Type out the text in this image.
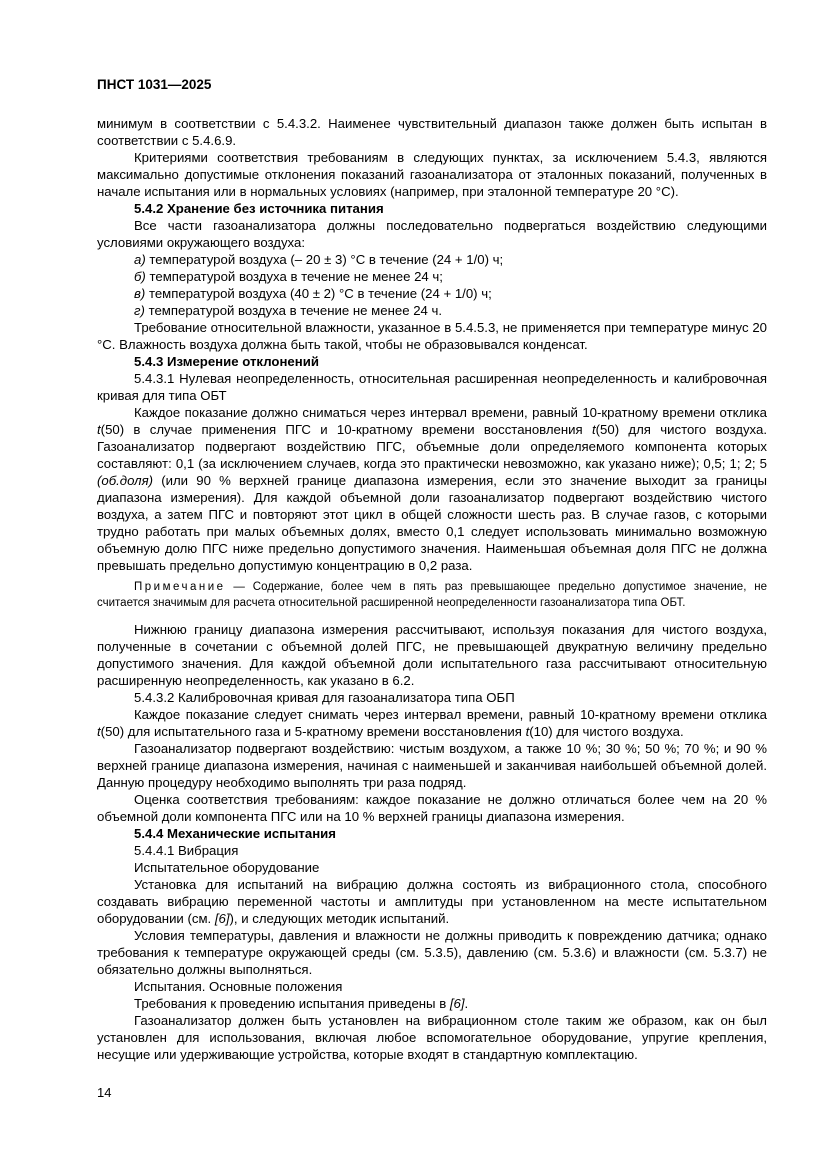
ПНСТ 1031—2025

минимум в соответствии с 5.4.3.2. Наименее чувствительный диапазон также должен быть испытан в соответствии с 5.4.6.9.

Критериями соответствия требованиям в следующих пунктах, за исключением 5.4.3, являются максимально допустимые отклонения показаний газоанализатора от эталонных показаний, полученных в начале испытания или в нормальных условиях (например, при эталонной температуре 20 °С).

5.4.2 Хранение без источника питания

Все части газоанализатора должны последовательно подвергаться воздействию следующими условиями окружающего воздуха:

а) температурой воздуха (– 20 ± 3) °С в течение (24 + 1/0) ч;

б) температурой воздуха в течение не менее 24 ч;

в) температурой воздуха (40 ± 2) °С в течение (24 + 1/0) ч;

г) температурой воздуха в течение не менее 24 ч.

Требование относительной влажности, указанное в 5.4.5.3, не применяется при температуре минус 20 °С. Влажность воздуха должна быть такой, чтобы не образовывался конденсат.

5.4.3 Измерение отклонений

5.4.3.1 Нулевая неопределенность, относительная расширенная неопределенность и калибровочная кривая для типа ОБТ

Каждое показание должно сниматься через интервал времени, равный 10-кратному времени отклика t(50) в случае применения ПГС и 10-кратному времени восстановления t(50) для чистого воздуха. Газоанализатор подвергают воздействию ПГС, объемные доли определяемого компонента которых составляют: 0,1 (за исключением случаев, когда это практически невозможно, как указано ниже); 0,5; 1; 2; 5 (об.доля) (или 90 % верхней границе диапазона измерения, если это значение выходит за границы диапазона измерения). Для каждой объемной доли газоанализатор подвергают воздействию чистого воздуха, а затем ПГС и повторяют этот цикл в общей сложности шесть раз. В случае газов, с которыми трудно работать при малых объемных долях, вместо 0,1 следует использовать минимально возможную объемную долю ПГС ниже предельно допустимого значения. Наименьшая объемная доля ПГС не должна превышать предельно допустимую концентрацию в 0,2 раза.

Примечание — Содержание, более чем в пять раз превышающее предельно допустимое значение, не считается значимым для расчета относительной расширенной неопределенности газоанализатора типа ОБТ.

Нижнюю границу диапазона измерения рассчитывают, используя показания для чистого воздуха, полученные в сочетании с объемной долей ПГС, не превышающей двукратную величину предельно допустимого значения. Для каждой объемной доли испытательного газа рассчитывают относительную расширенную неопределенность, как указано в 6.2.

5.4.3.2 Калибровочная кривая для газоанализатора типа ОБП

Каждое показание следует снимать через интервал времени, равный 10-кратному времени отклика t(50) для испытательного газа и 5-кратному времени восстановления t(10) для чистого воздуха.

Газоанализатор подвергают воздействию: чистым воздухом, а также 10 %; 30 %; 50 %; 70 %; и 90 % верхней границе диапазона измерения, начиная с наименьшей и заканчивая наибольшей объемной долей. Данную процедуру необходимо выполнять три раза подряд.

Оценка соответствия требованиям: каждое показание не должно отличаться более чем на 20 % объемной доли компонента ПГС или на 10 % верхней границы диапазона измерения.

5.4.4 Механические испытания

5.4.4.1 Вибрация

Испытательное оборудование

Установка для испытаний на вибрацию должна состоять из вибрационного стола, способного создавать вибрацию переменной частоты и амплитуды при установленном на месте испытательном оборудовании (см. [6]), и следующих методик испытаний.

Условия температуры, давления и влажности не должны приводить к повреждению датчика; однако требования к температуре окружающей среды (см. 5.3.5), давлению (см. 5.3.6) и влажности (см. 5.3.7) не обязательно должны выполняться.

Испытания. Основные положения

Требования к проведению испытания приведены в [6].

Газоанализатор должен быть установлен на вибрационном столе таким же образом, как он был установлен для использования, включая любое вспомогательное оборудование, упругие крепления, несущие или удерживающие устройства, которые входят в стандартную комплектацию.

14
